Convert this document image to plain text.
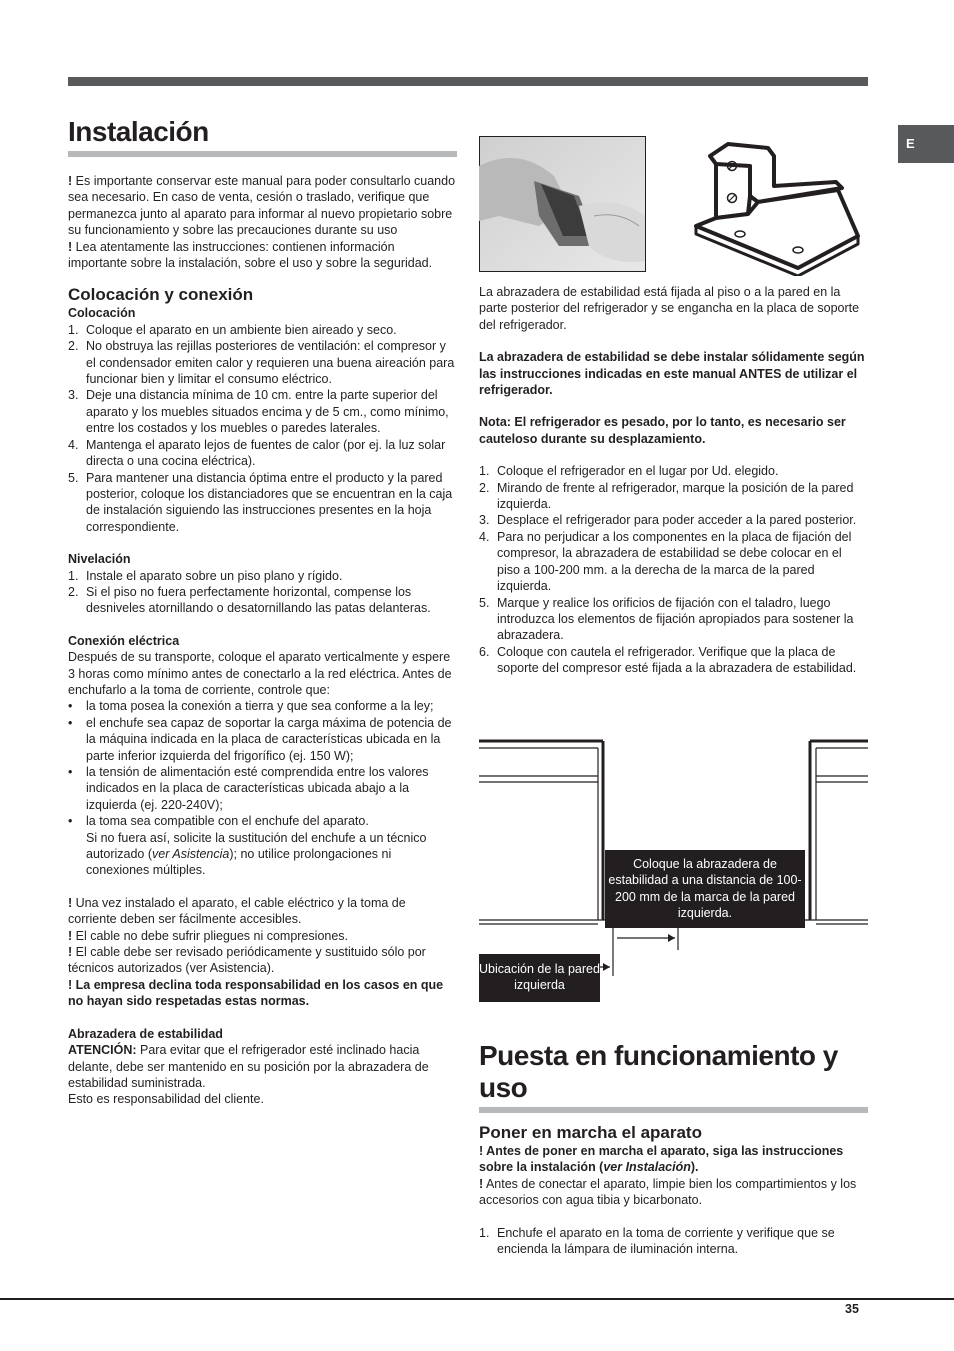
E
Instalación

! Es importante conservar este manual para poder consultarlo cuando sea necesario. En caso de venta, cesión o traslado, verifique que permanezca junto al aparato para informar al nuevo propietario sobre su funcionamiento y sobre las precauciones durante su uso

! Lea atentamente las instrucciones: contienen información importante sobre la instalación, sobre el uso y sobre la seguridad.

Colocación y conexión
Colocación
1. Coloque el aparato en un ambiente bien aireado y seco.
2. No obstruya las rejillas posteriores de ventilación: el compresor y el condensador emiten calor y requieren una buena aireación para funcionar bien y limitar el consumo eléctrico.
3. Deje una distancia mínima de 10 cm. entre la parte superior del aparato y los muebles situados encima y de 5 cm., como mínimo, entre los costados y los muebles o paredes laterales.
4. Mantenga el aparato lejos de fuentes de calor (por ej. la luz solar directa o una cocina eléctrica).
5. Para mantener una distancia óptima entre el producto y la pared posterior, coloque los distanciadores que se encuentran en la caja de instalación siguiendo las instrucciones presentes en la hoja correspondiente.
Nivelación
1. Instale el aparato sobre un piso plano y rígido.
2. Si el piso no fuera perfectamente horizontal, compense los desniveles atornillando o desatornillando las patas delanteras.
Conexión eléctrica

Después de su transporte, coloque el aparato verticalmente y espere 3 horas como mínimo antes de conectarlo a la red eléctrica. Antes de enchufarlo a la toma de corriente, controle que:

• la toma posea la conexión a tierra y que sea conforme a la ley;
• el enchufe sea capaz de soportar la carga máxima de potencia de la máquina indicada en la placa de características ubicada en la parte inferior izquierda del frigorífico (ej. 150 W);
• la tensión de alimentación esté comprendida entre los valores indicados en la placa de características ubicada abajo a la izquierda (ej. 220-240V);
• la toma sea compatible con el enchufe del aparato.

Si no fuera así, solicite la sustitución del enchufe a un técnico autorizado (ver Asistencia); no utilice prolongaciones ni conexiones múltiples.

! Una vez instalado el aparato, el cable eléctrico y la toma de corriente deben ser fácilmente accesibles.

! El cable no debe sufrir pliegues ni compresiones.

! El cable debe ser revisado periódicamente y sustituido sólo por técnicos autorizados (ver Asistencia).

! La empresa declina toda responsabilidad en los casos en que no hayan sido respetadas estas normas.

Abrazadera de estabilidad

ATENCIÓN: Para evitar que el refrigerador esté inclinado hacia delante, debe ser mantenido en su posición por la abrazadera de estabilidad suministrada.

Esto es responsabilidad del cliente.

La abrazadera de estabilidad está fijada al piso o a la pared en la parte posterior del refrigerador y se engancha en la placa de soporte del refrigerador.

La abrazadera de estabilidad se debe instalar sólidamente según las instrucciones indicadas en este manual ANTES de utilizar el refrigerador.

Nota: El refrigerador es pesado, por lo tanto, es necesario ser cauteloso durante su desplazamiento.

1. Coloque el refrigerador en el lugar por Ud. elegido.
2. Mirando de frente al refrigerador, marque la posición de la pared izquierda.
3. Desplace el refrigerador para poder acceder a la pared posterior.
4. Para no perjudicar a los componentes en la placa de fijación del compresor, la abrazadera de estabilidad se debe colocar en el piso a 100-200 mm. a la derecha de la marca de la pared izquierda.
5. Marque y realice los orificios de fijación con el taladro, luego introduzca los elementos de fijación apropiados para sostener la abrazadera.
6. Coloque con cautela el refrigerador. Verifique que la placa de soporte del compresor esté fijada a la abrazadera de estabilidad.
Coloque la abrazadera de estabilidad a una distancia de 100-200 mm de la marca de la pared izquierda.
Ubicación de la pared izquierda
Puesta en funcionamiento y uso
Poner en marcha el aparato

! Antes de poner en marcha el aparato, siga las instrucciones sobre la instalación (ver Instalación).

! Antes de conectar el aparato, limpie bien los compartimientos y los accesorios con agua tibia y bicarbonato.

1. Enchufe el aparato en la toma de corriente y verifique que se encienda la lámpara de iluminación interna.
35
